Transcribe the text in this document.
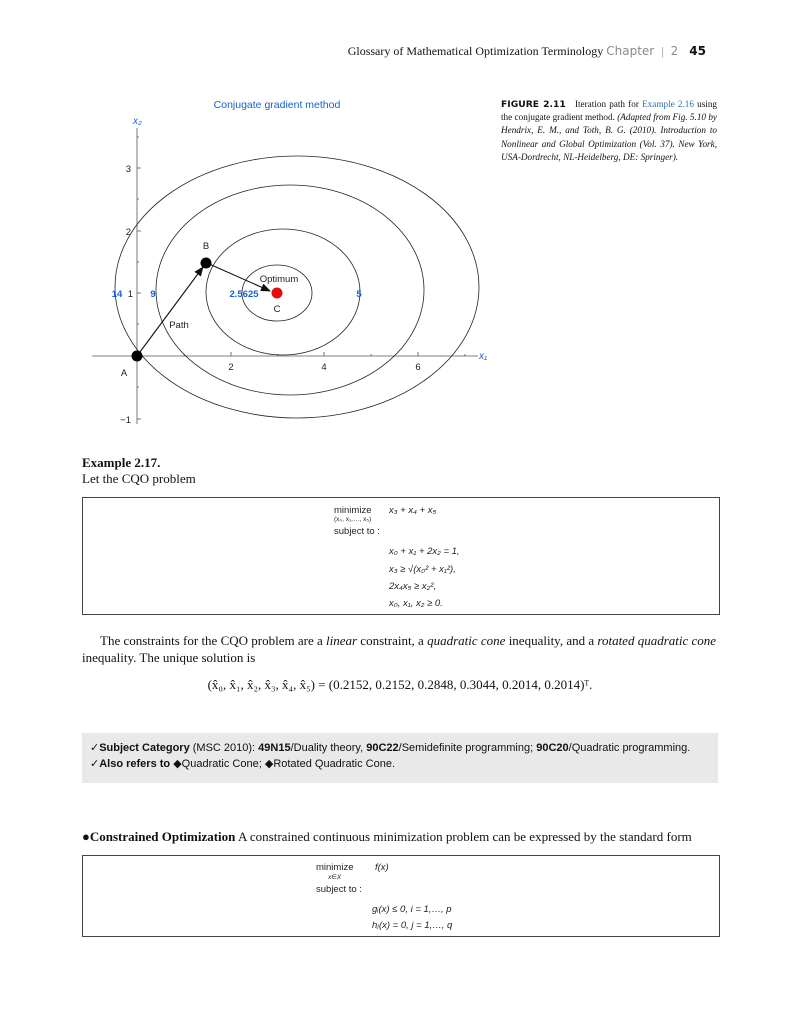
Glossary of Mathematical Optimization Terminology Chapter | 2 45
Conjugate gradient method
x₂
x₁
3
2
1
−1
2	4	6
A
B
C
Optimum
Path
14	9	2.5625	5
FIGURE 2.11 Iteration path for Example 2.16 using the conjugate gradient method. (Adapted from Fig. 5.10 by Hendrix, E. M., and Toth, B. G. (2010). Introduction to Nonlinear and Global Optimization (Vol. 37). New York, USA-Dordrecht, NL-Heidelberg, DE: Springer).
Example 2.17.
Let the CQO problem
minimize
(x₀, x₁,…, x₅)
x₃ + x₄ + x₅
subject to :
x₀ + x₁ + 2x₂ = 1,
x₃ ≥ √(x₀² + x₁²),
2x₄x₅ ≥ x₂²,
x₀, x₁, x₂ ≥ 0.
The constraints for the CQO problem are a linear constraint, a quadratic cone inequality, and a rotated quadratic cone inequality. The unique solution is
(x̂₀, x̂₁, x̂₂, x̂₃, x̂₄, x̂₅) = (0.2152, 0.2152, 0.2848, 0.3044, 0.2014, 0.2014)ᵀ.
✓Subject Category (MSC 2010): 49N15/Duality theory, 90C22/Semidefinite programming; 90C20/Quadratic programming.
✓Also refers to ◆Quadratic Cone; ◆Rotated Quadratic Cone.
●Constrained Optimization A constrained continuous minimization problem can be expressed by the standard form
minimize
x∈X
f(x)
subject to :
gᵢ(x) ≤ 0, i = 1,…, p
hⱼ(x) = 0, j = 1,…, q
